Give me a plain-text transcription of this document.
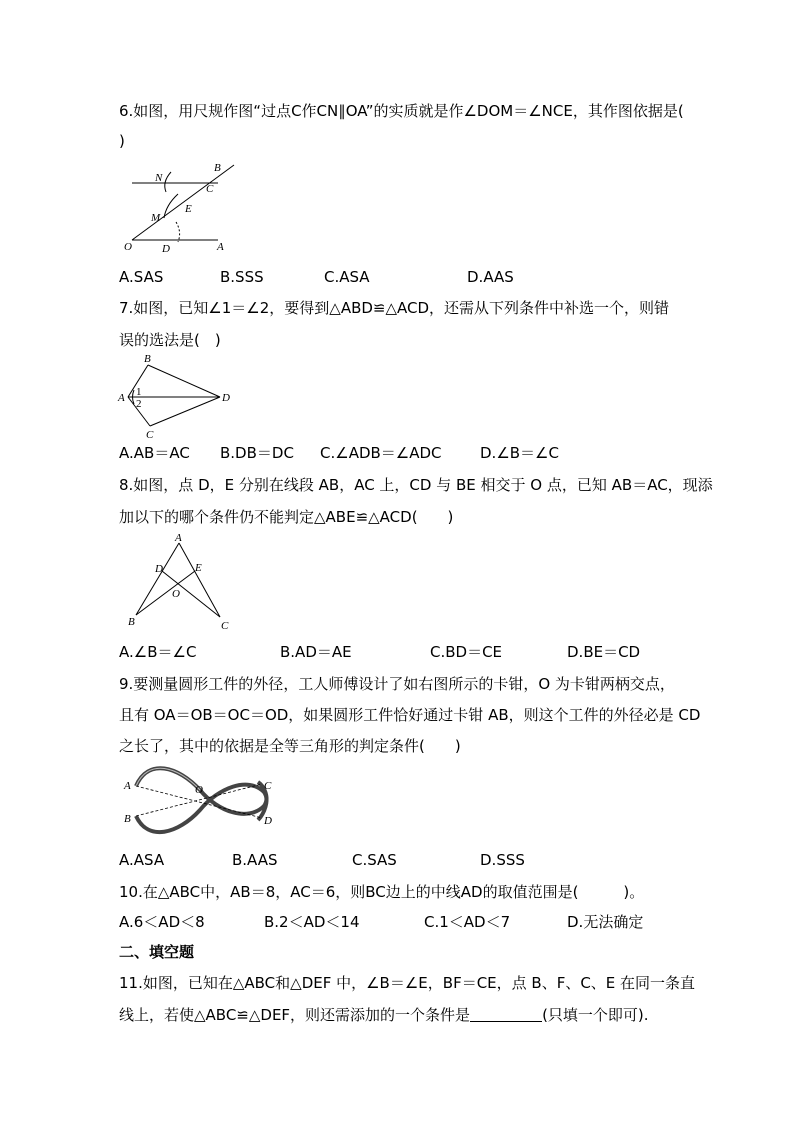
6.如图，用尺规作图“过点C作CN∥OA”的实质就是作∠DOM＝∠NCE，其作图依据是(
)
N
B
C
E
M
O	D	A
A.SAS	B.SSS	C.ASA	D.AAS
7.如图，已知∠1＝∠2，要得到△ABD≌△ACD，还需从下列条件中补选一个，则错
误的选法是(　)
B
A 1
2
C
D
A.AB＝AC B.DB＝DC C.∠ADB＝∠ADC	D.∠B＝∠C
8.如图，点 D，E 分别在线段 AB，AC 上，CD 与 BE 相交于 O 点，已知 AB＝AC，现添
加以下的哪个条件仍不能判定△ABE≌△ACD(　　)
A
D	E
O
B	C
A.∠B＝∠C	B.AD＝AE	C.BD＝CE	D.BE＝CD
9.要测量圆形工件的外径，工人师傅设计了如右图所示的卡钳，O 为卡钳两柄交点，
且有 OA＝OB＝OC＝OD，如果圆形工件恰好通过卡钳 AB，则这个工件的外径必是 CD
之长了，其中的依据是全等三角形的判定条件(　　)
A	O	C
B	D
A.ASA	B.AAS	C.SAS	D.SSS
10.在△ABC中，AB＝8，AC＝6，则BC边上的中线AD的取值范围是(　　　)。
A.6＜AD＜8	B.2＜AD＜14	C.1＜AD＜7	D.无法确定
二、填空题
11.如图，已知在△ABC和△DEF 中，∠B＝∠E，BF＝CE，点 B、F、C、E 在同一条直
线上，若使△ABC≌△DEF，则还需添加的一个条件是	(只填一个即可).
